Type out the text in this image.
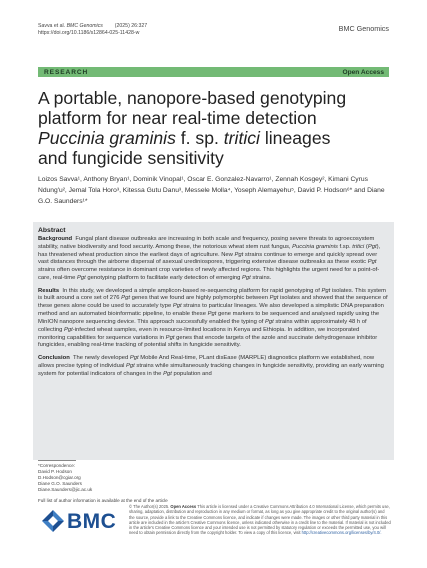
Savva et al. BMC Genomics (2025) 26:327
https://doi.org/10.1186/s12864-025-11428-w
BMC Genomics
RESEARCH	Open Access
A portable, nanopore-based genotyping
platform for near real-time detection
Puccinia graminis f. sp. tritici lineages
and fungicide sensitivity
Loizos Savva¹, Anthony Bryan¹, Dominik Vinopal¹, Oscar E. Gonzalez-Navarro¹, Zennah Kosgey², Kimani Cyrus Ndung'u², Jemal Tola Horo³, Kitessa Gutu Danu³, Messele Molla⁴, Yoseph Alemayehu⁵, David P. Hodson⁶* and Diane G.O. Saunders¹*
Abstract

Background Fungal plant disease outbreaks are increasing in both scale and frequency, posing severe threats to agroecosystem stability, native biodiversity and food security. Among these, the notorious wheat stem rust fungus, Puccinia graminis f.sp. tritici (Pgt), has threatened wheat production since the earliest days of agriculture. New Pgt strains continue to emerge and quickly spread over vast distances through the airborne dispersal of asexual urediniospores, triggering extensive disease outbreaks as these exotic Pgt strains often overcome resistance in dominant crop varieties of newly affected regions. This highlights the urgent need for a point-of-care, real-time Pgt genotyping platform to facilitate early detection of emerging Pgt strains.

Results In this study, we developed a simple amplicon-based re-sequencing platform for rapid genotyping of Pgt isolates. This system is built around a core set of 276 Pgt genes that we found are highly polymorphic between Pgt isolates and showed that the sequence of these genes alone could be used to accurately type Pgt strains to particular lineages. We also developed a simplistic DNA preparation method and an automated bioinformatic pipeline, to enable these Pgt gene markers to be sequenced and analysed rapidly using the MinION nanopore sequencing device. This approach successfully enabled the typing of Pgt strains within approximately 48 h of collecting Pgt-infected wheat samples, even in resource-limited locations in Kenya and Ethiopia. In addition, we incorporated monitoring capabilities for sequence variations in Pgt genes that encode targets of the azole and succinate dehydrogenase inhibitor fungicides, enabling real-time tracking of potential shifts in fungicide sensitivity.

Conclusion The newly developed Pgt Mobile And Real-time, PLant disEase (MARPLE) diagnostics platform we established, now allows precise typing of individual Pgt strains while simultaneously tracking changes in fungicide sensitivity, providing an early warning system for potential indicators of changes in the Pgt population and

*Correspondence:
David P. Hodson
D.Hodson@cgiar.org
Diane G.O. Saunders
Diane.Saunders@jic.ac.uk
Full list of author information is available at the end of the article
BMC
© The Author(s) 2025. Open Access This article is licensed under a Creative Commons Attribution 4.0 International License, which permits use, sharing, adaptation, distribution and reproduction in any medium or format, as long as you give appropriate credit to the original author(s) and the source, provide a link to the Creative Commons licence, and indicate if changes were made. The images or other third party material in this article are included in the article's Creative Commons licence, unless indicated otherwise in a credit line to the material. If material is not included in the article's Creative Commons licence and your intended use is not permitted by statutory regulation or exceeds the permitted use, you will need to obtain permission directly from the copyright holder. To view a copy of this licence, visit http://creativecommons.org/licenses/by/4.0/.
